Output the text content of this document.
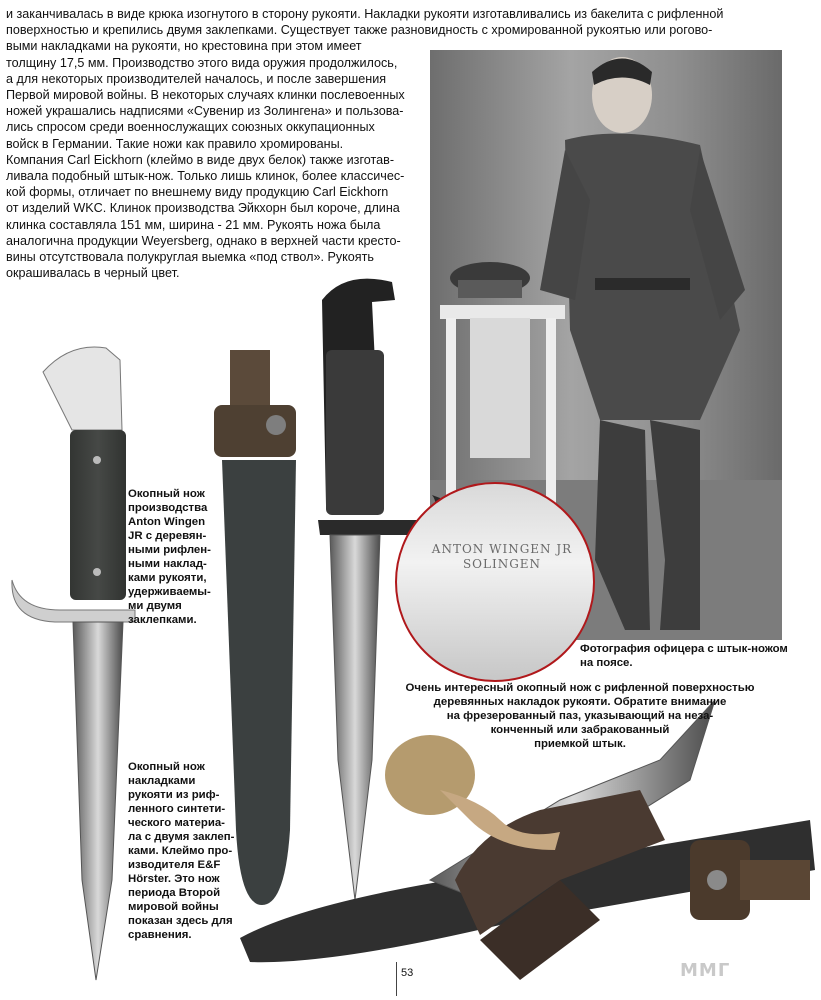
ANTON WINGEN JR
SOLINGEN

и заканчивалась в виде крюка изогнутого в сторону рукояти. Накладки рукояти изготавливались из бакелита с рифленной
поверхностью и крепились двумя заклепками. Существует также разновидность с хромированной рукоятью или рогово-
выми накладками на рукояти, но крестовина при этом имеет
толщину 17,5 мм. Производство этого вида оружия продолжилось,
а для некоторых производителей началось, и после завершения
Первой мировой войны. В некоторых случаях клинки послевоенных
ножей украшались надписями «Сувенир из Золингена» и пользова-
лись спросом среди военнослужащих союзных оккупационных
войск в Германии. Такие ножи как правило хромированы.
Компания Carl Eickhorn (клеймо в виде двух белок) также изготав-
ливала подобный штык-нож. Только лишь клинок, более классичес-
кой формы, отличает по внешнему виду продукцию Carl Eickhorn
от изделий WKC. Клинок производства Эйкхорн был короче, длина
клинка составляла 151 мм, ширина - 21 мм. Рукоять ножа была
аналогична продукции Weyersberg, однако в верхней части кресто-
вины отсутствовала полукруглая выемка «под ствол». Рукоять
окрашивалась в черный цвет.

Окопный нож
производства
Anton Wingen
JR с деревян-
ными рифлен-
ными наклад-
ками рукояти,
удерживаемы-
ми двумя
заклепками.

Окопный нож
накладками
рукояти из риф-
ленного синтети-
ческого материа-
ла с двумя заклеп-
ками. Клеймо про-
изводителя E&F
Hörster. Это нож
периода Второй
мировой войны
показан здесь для
сравнения.

Фотография офицера с штык-ножом
на поясе.

Очень интересный окопный нож с рифленной поверхностью
деревянных накладок рукояти. Обратите внимание
на фрезерованный паз, указывающий на неза-
конченный или забракованный
приемкой штык.

53	ММГ
